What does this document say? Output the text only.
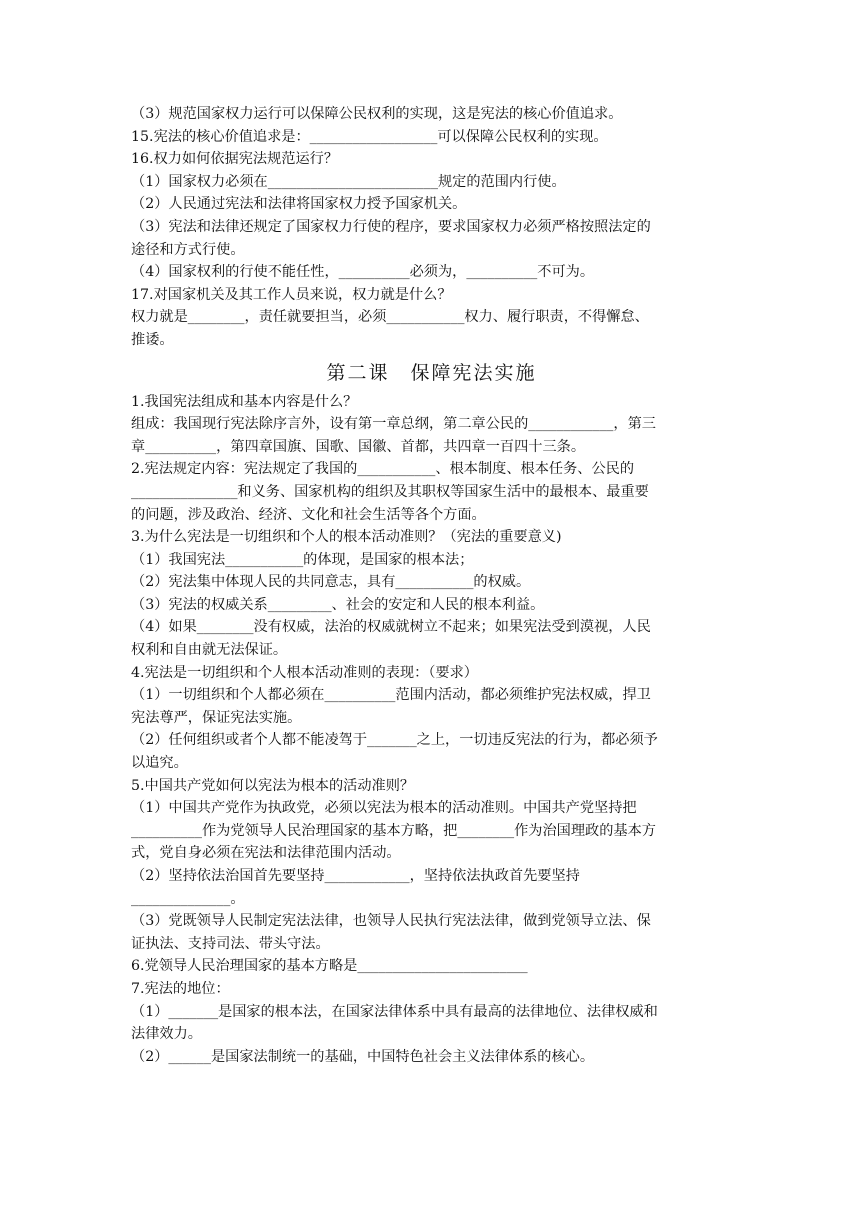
（3）规范国家权力运行可以保障公民权利的实现，这是宪法的核心价值追求。
15.宪法的核心价值追求是：__________________可以保障公民权利的实现。
16.权力如何依据宪法规范运行？
（1）国家权力必须在________________________规定的范围内行使。
（2）人民通过宪法和法律将国家权力授予国家机关。
（3）宪法和法律还规定了国家权力行使的程序，要求国家权力必须严格按照法定的
途径和方式行使。
（4）国家权利的行使不能任性，__________必须为，__________不可为。
17.对国家机关及其工作人员来说，权力就是什么？
权力就是________，责任就要担当，必须___________权力、履行职责，不得懈怠、
推诿。
第二课　保障宪法实施
1.我国宪法组成和基本内容是什么？
组成：我国现行宪法除序言外，设有第一章总纲，第二章公民的____________，第三
章__________，第四章国旗、国歌、国徽、首都，共四章一百四十三条。
2.宪法规定内容：宪法规定了我国的___________、根本制度、根本任务、公民的
_______________和义务、国家机构的组织及其职权等国家生活中的最根本、最重要
的问题，涉及政治、经济、文化和社会生活等各个方面。
3.为什么宪法是一切组织和个人的根本活动准则？（宪法的重要意义)
（1）我国宪法___________的体现，是国家的根本法；
（2）宪法集中体现人民的共同意志，具有___________的权威。
（3）宪法的权威关系_________、社会的安定和人民的根本利益。
（4）如果________没有权威，法治的权威就树立不起来；如果宪法受到漠视，人民
权利和自由就无法保证。
4.宪法是一切组织和个人根本活动准则的表现：（要求）
（1）一切组织和个人都必须在__________范围内活动，都必须维护宪法权威，捍卫
宪法尊严，保证宪法实施。
（2）任何组织或者个人都不能凌驾于_______之上，一切违反宪法的行为，都必须予
以追究。
5.中国共产党如何以宪法为根本的活动准则？
（1）中国共产党作为执政党，必须以宪法为根本的活动准则。中国共产党坚持把
__________作为党领导人民治理国家的基本方略，把________作为治国理政的基本方
式，党自身必须在宪法和法律范围内活动。
（2）坚持依法治国首先要坚持____________，坚持依法执政首先要坚持
______________。
（3）党既领导人民制定宪法法律，也领导人民执行宪法法律，做到党领导立法、保
证执法、支持司法、带头守法。
6.党领导人民治理国家的基本方略是________________________
7.宪法的地位：
（1）_______是国家的根本法，在国家法律体系中具有最高的法律地位、法律权威和
法律效力。
（2）______是国家法制统一的基础，中国特色社会主义法律体系的核心。
